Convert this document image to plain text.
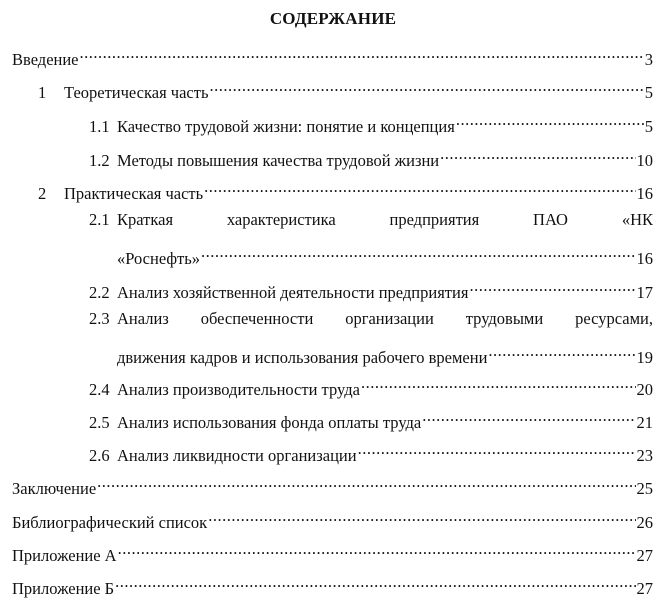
СОДЕРЖАНИЕ
Введение .....	3
1	Теоретическая часть .....	5
1.1 Качество трудовой жизни: понятие и концепция .....	5
1.2 Методы повышения качества трудовой жизни .....	10
2	Практическая часть .....	16
2.1 Краткая	характеристика	предприятия	ПАО	«НК
«Роснефть» .....	16
2.2 Анализ хозяйственной деятельности предприятия .....	17
2.3 Анализ обеспеченности организации трудовыми ресурсами,
движения кадров и использования рабочего времени .....	19
2.4 Анализ производительности труда .....	20
2.5 Анализ использования фонда оплаты труда .....	21
2.6 Анализ ликвидности организации .....	23
Заключение .....	25
Библиографический список .....	26
Приложение А .....	27
Приложение Б .....	27
